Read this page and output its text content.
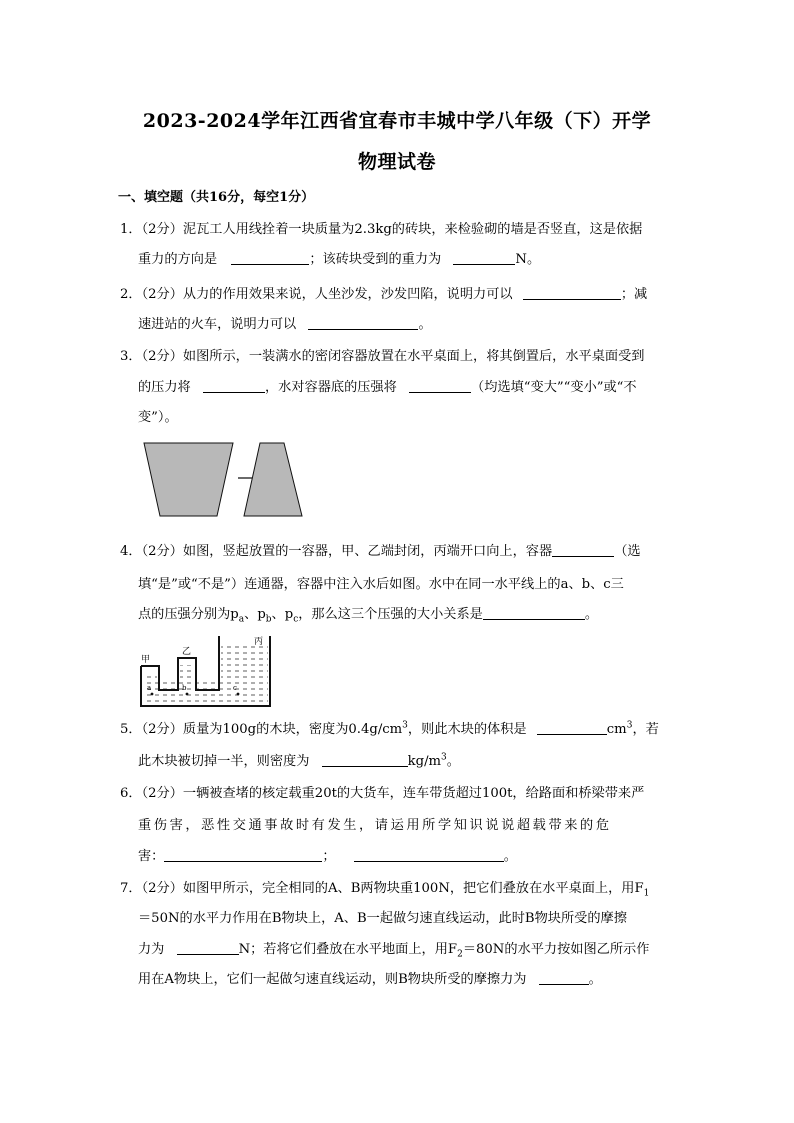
2023-2024学年江西省宜春市丰城中学八年级（下）开学
物理试卷
一、填空题（共16分，每空1分）
1．（2分）泥瓦工人用线拴着一块质量为2.3kg的砖块，来检验砌的墙是否竖直，这是依据
重力的方向是	；该砖块受到的重力为	N。
2．（2分）从力的作用效果来说，人坐沙发，沙发凹陷，说明力可以	；减
速进站的火车，说明力可以	。
3．（2分）如图所示，一装满水的密闭容器放置在水平桌面上，将其倒置后，水平桌面受到
的压力将	，水对容器底的压强将	（均选填“变大”“变小”或“不
变”）。
4．（2分）如图，竖起放置的一容器，甲、乙端封闭，丙端开口向上，容器	（选
填“是”或“不是”）连通器，容器中注入水后如图。水中在同一水平线上的a、b、c三
点的压强分别为$p_a$、$p_b$、$p_c$，那么这三个压强的大小关系是	。
甲
乙
丙
a	b	c
5．（2分）质量为100g的木块，密度为$0.4g/cm^3$，则此木块的体积是	$cm^3$，若
此木块被切掉一半，则密度为	$kg/m^3$。
6．（2分）一辆被查堵的核定载重20t的大货车，连车带货超过100t，给路面和桥梁带来严
重伤害，恶性交通事故时有发生，请运用所学知识说说超载带来的危
害：	；	。
7．（2分）如图甲所示，完全相同的A、B两物块重100N，把它们叠放在水平桌面上，用$F_1$
＝50N的水平力作用在B物块上，A、B一起做匀速直线运动，此时B物块所受的摩擦
力为	N；若将它们叠放在水平地面上，用$F_2=80N$的水平力按如图乙所示作
用在A物块上，它们一起做匀速直线运动，则B物块所受的摩擦力为	。
